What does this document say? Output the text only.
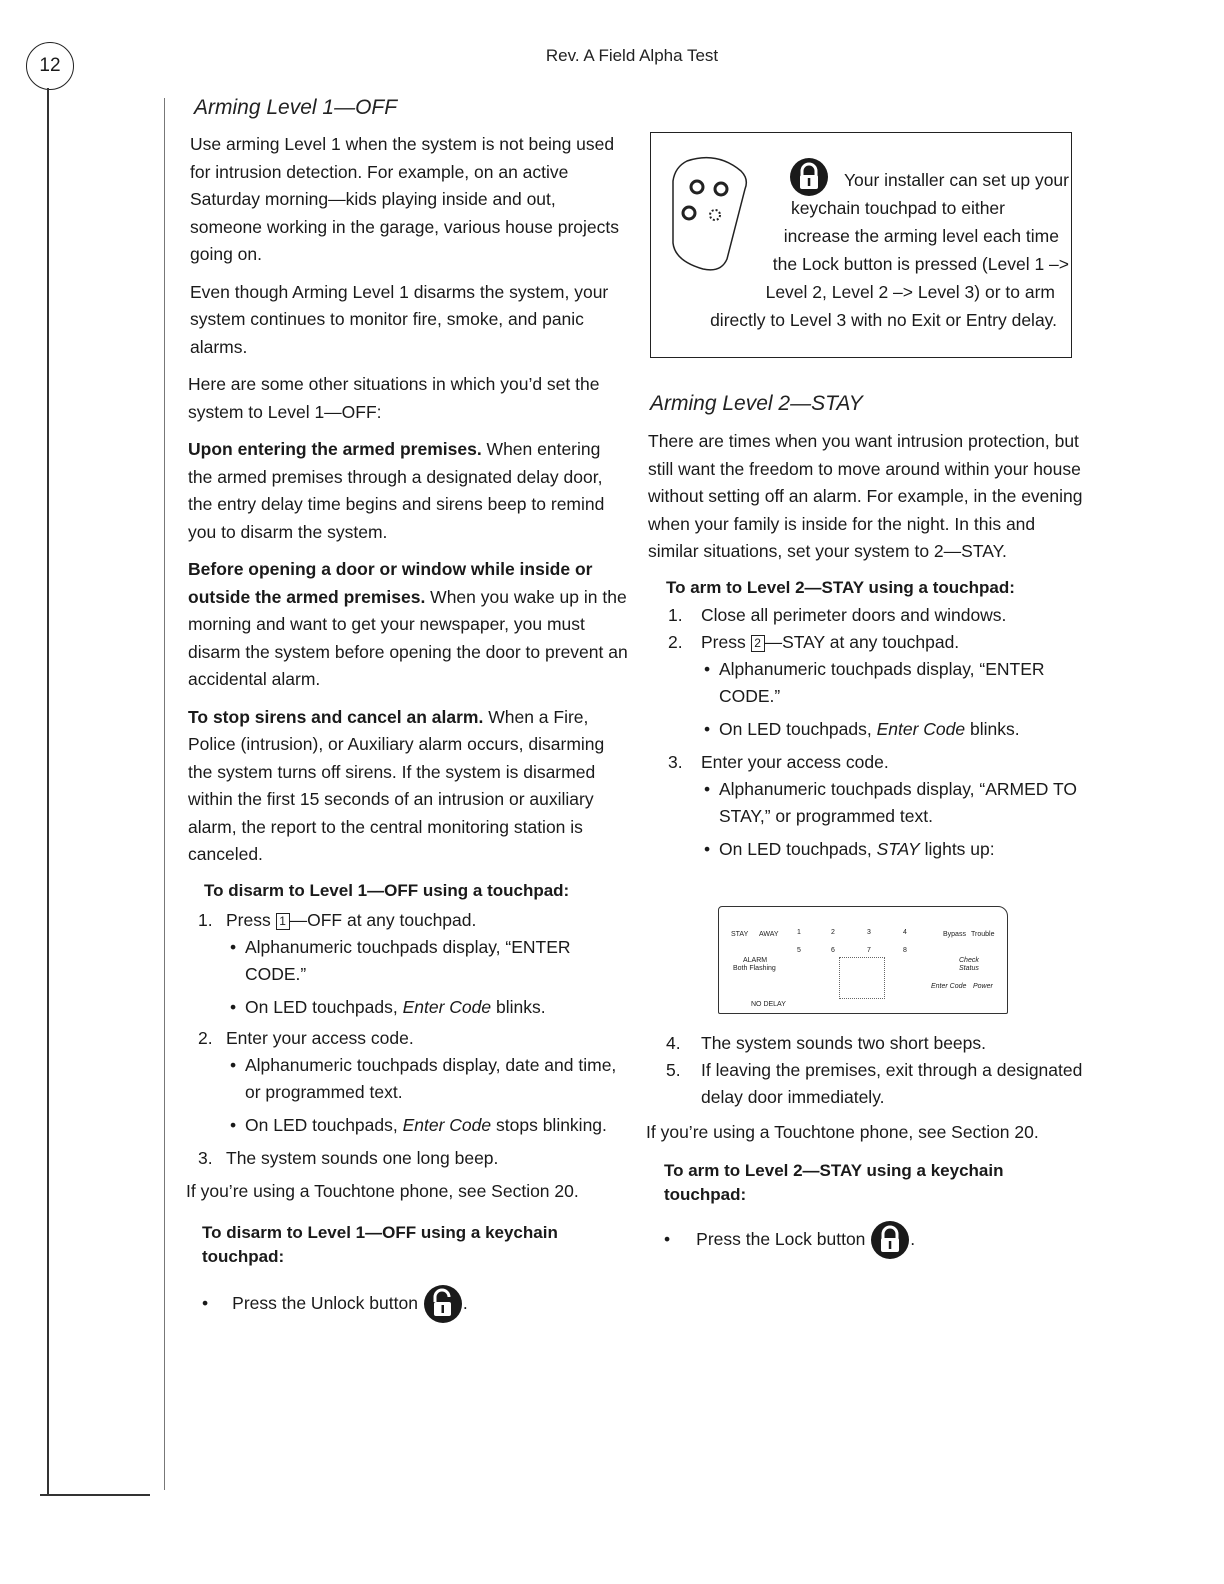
12	Rev. A Field Alpha Test
Arming Level 1—OFF

Use arming Level 1 when the system is not being used for intrusion detection. For example, on an active Saturday morning—kids playing inside and out, someone working in the garage, various house projects going on.

Even though Arming Level 1 disarms the system, your system continues to monitor fire, smoke, and panic alarms.

Here are some other situations in which you’d set the system to Level 1—OFF:

Upon entering the armed premises. When entering the armed premises through a designated delay door, the entry delay time begins and sirens beep to remind you to disarm the system.

Before opening a door or window while inside or outside the armed premises. When you wake up in the morning and want to get your newspaper, you must disarm the system before opening the door to prevent an accidental alarm.

To stop sirens and cancel an alarm. When a Fire, Police (intrusion), or Auxiliary alarm occurs, disarming the system turns off sirens. If the system is disarmed within the first 15 seconds of an intrusion or auxiliary alarm, the report to the central monitoring station is canceled.

To disarm to Level 1—OFF using a touchpad:
1. Press 1 —OFF at any touchpad.
• Alphanumeric touchpads display, “ENTER CODE.”
• On LED touchpads, Enter Code blinks.
2. Enter your access code.
• Alphanumeric touchpads display, date and time, or programmed text.
• On LED touchpads, Enter Code stops blinking.
3. The system sounds one long beep.
If you’re using a Touchtone phone, see Section 20.
To disarm to Level 1—OFF using a keychain touchpad:
• Press the Unlock button	.
Your installer can set up your
keychain touchpad to either
increase the arming level each time
the Lock button is pressed (Level 1 –>
Level 2, Level 2 –> Level 3) or to arm
directly to Level 3 with no Exit or Entry delay.
Arming Level 2—STAY

There are times when you want intrusion protection, but still want the freedom to move around within your house without setting off an alarm. For example, in the evening when your family is inside for the night. In this and similar situations, set your system to 2—STAY.

To arm to Level 2—STAY using a touchpad:
1. Close all perimeter doors and windows.
2. Press 2 —STAY at any touchpad.
• Alphanumeric touchpads display, “ENTER CODE.”
• On LED touchpads, Enter Code blinks.
3. Enter your access code.
• Alphanumeric touchpads display, “ARMED TO STAY,” or programmed text.
• On LED touchpads, STAY lights up:
STAY AWAY	1	2	3	4
5	6	7	8
Bypass Trouble
ALARM
Both Flashing
Check
Status
Enter Code Power
NO DELAY
4. The system sounds two short beeps.
5. If leaving the premises, exit through a designated delay door immediately.
If you’re using a Touchtone phone, see Section 20.
To arm to Level 2—STAY using a keychain touchpad:
• Press the Lock button	.
